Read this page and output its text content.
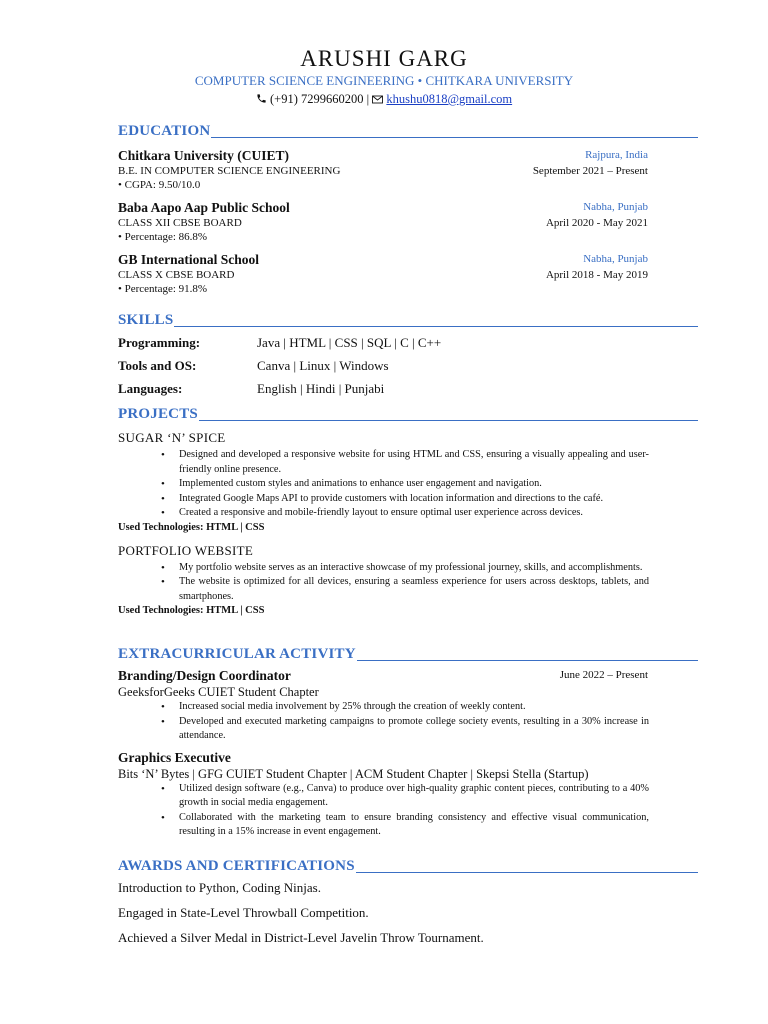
ARUSHI GARG
COMPUTER SCIENCE ENGINEERING • CHITKARA UNIVERSITY
(+91) 7299660200 | khushu0818@gmail.com
EDUCATION
Chitkara University (CUIET)	Rajpura, India
B.E. IN COMPUTER SCIENCE ENGINEERING	September 2021 – Present
• CGPA: 9.50/10.0
Baba Aapo Aap Public School	Nabha, Punjab
CLASS XII CBSE BOARD	April 2020 - May 2021
• Percentage: 86.8%
GB International School	Nabha, Punjab
CLASS X CBSE BOARD	April 2018 - May 2019
• Percentage: 91.8%
SKILLS
Programming:	Java | HTML | CSS | SQL | C | C++
Tools and OS:	Canva | Linux | Windows
Languages:	English | Hindi | Punjabi
PROJECTS
SUGAR ‘N’ SPICE
• Designed and developed a responsive website for using HTML and CSS, ensuring a visually appealing and user-friendly online presence.
• Implemented custom styles and animations to enhance user engagement and navigation.
• Integrated Google Maps API to provide customers with location information and directions to the café.
• Created a responsive and mobile-friendly layout to ensure optimal user experience across devices.
Used Technologies: HTML | CSS
PORTFOLIO WEBSITE
• My portfolio website serves as an interactive showcase of my professional journey, skills, and accomplishments.
• The website is optimized for all devices, ensuring a seamless experience for users across desktops, tablets, and smartphones.
Used Technologies: HTML | CSS
EXTRACURRICULAR ACTIVITY
Branding/Design Coordinator	June 2022 – Present
GeeksforGeeks CUIET Student Chapter
• Increased social media involvement by 25% through the creation of weekly content.
• Developed and executed marketing campaigns to promote college society events, resulting in a 30% increase in attendance.
Graphics Executive
Bits ‘N’ Bytes | GFG CUIET Student Chapter | ACM Student Chapter | Skepsi Stella (Startup)
• Utilized design software (e.g., Canva) to produce over high-quality graphic content pieces, contributing to a 40% growth in social media engagement.
• Collaborated with the marketing team to ensure branding consistency and effective visual communication, resulting in a 15% increase in event engagement.
AWARDS AND CERTIFICATIONS
Introduction to Python, Coding Ninjas.
Engaged in State-Level Throwball Competition.
Achieved a Silver Medal in District-Level Javelin Throw Tournament.
